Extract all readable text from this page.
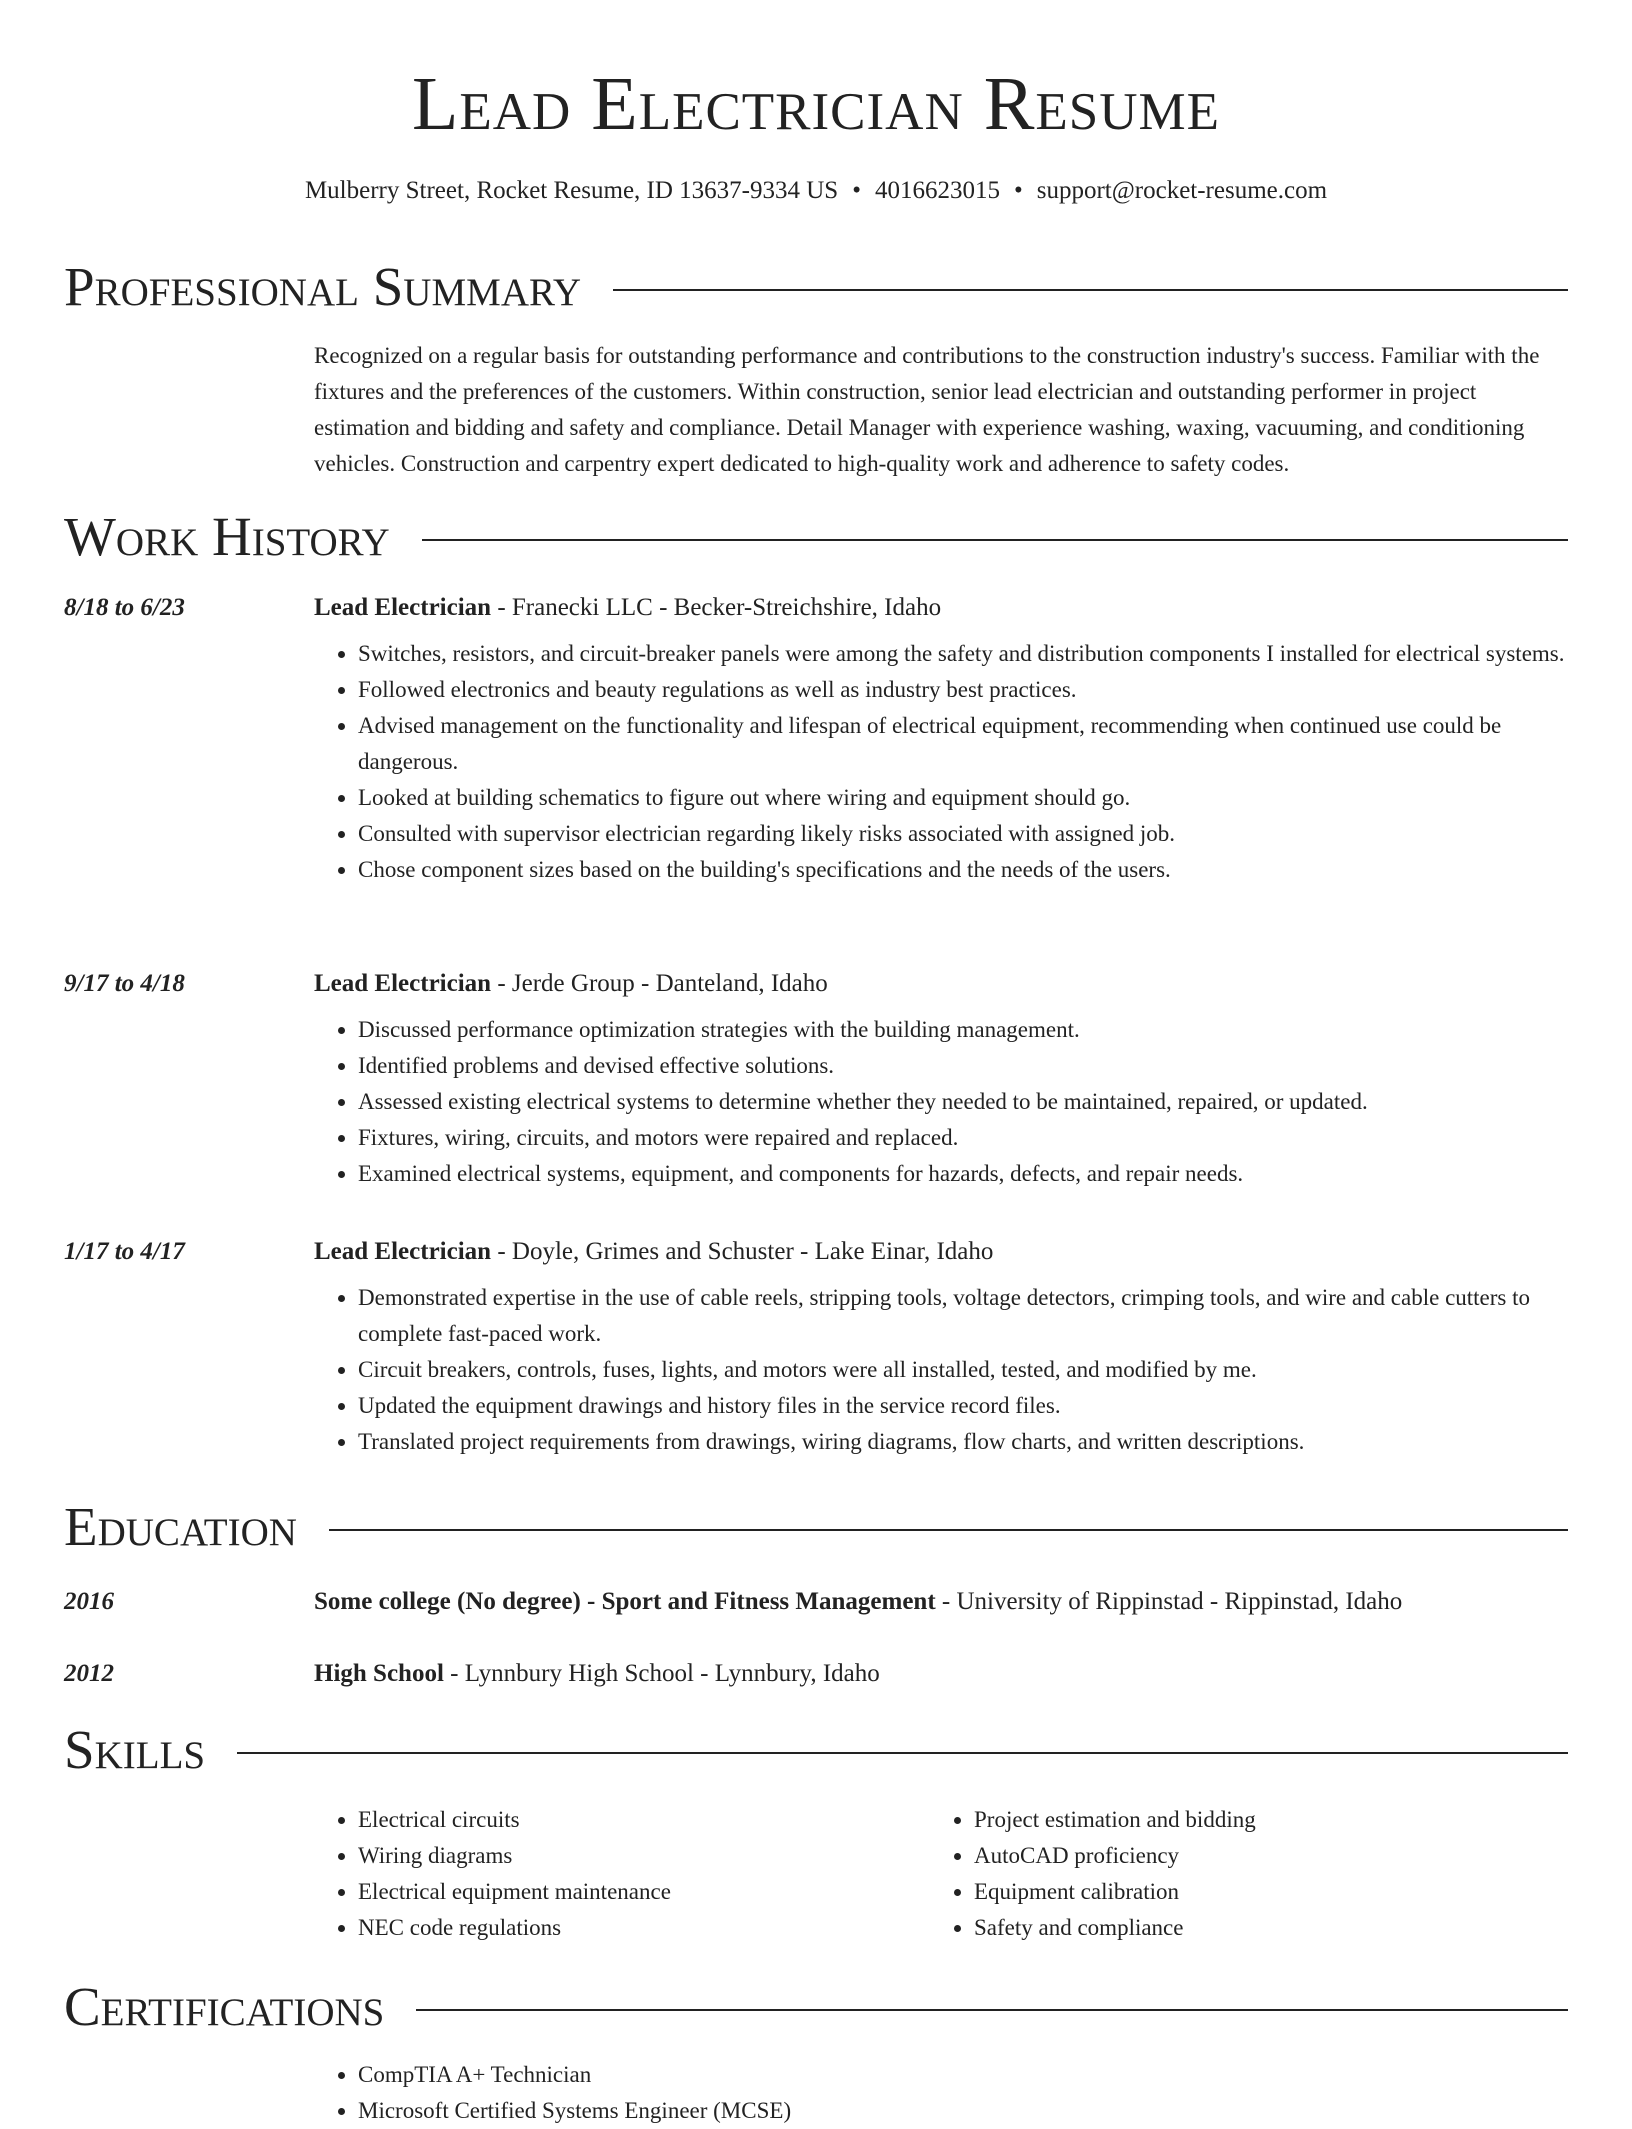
Lead Electrician Resume
Mulberry Street, Rocket Resume, ID 13637-9334 US • 4016623015 • support@rocket-resume.com
Professional Summary

Recognized on a regular basis for outstanding performance and contributions to the construction industry's success. Familiar with the fixtures and the preferences of the customers. Within construction, senior lead electrician and outstanding performer in project estimation and bidding and safety and compliance. Detail Manager with experience washing, waxing, vacuuming, and conditioning vehicles. Construction and carpentry expert dedicated to high-quality work and adherence to safety codes.

Work History
8/18 to 6/23	Lead Electrician - Franecki LLC - Becker-Streichshire, Idaho
• Switches, resistors, and circuit-breaker panels were among the safety and distribution components I installed for electrical systems.
• Followed electronics and beauty regulations as well as industry best practices.
• Advised management on the functionality and lifespan of electrical equipment, recommending when continued use could be dangerous.
• Looked at building schematics to figure out where wiring and equipment should go.
• Consulted with supervisor electrician regarding likely risks associated with assigned job.
• Chose component sizes based on the building's specifications and the needs of the users.
9/17 to 4/18	Lead Electrician - Jerde Group - Danteland, Idaho
• Discussed performance optimization strategies with the building management.
• Identified problems and devised effective solutions.
• Assessed existing electrical systems to determine whether they needed to be maintained, repaired, or updated.
• Fixtures, wiring, circuits, and motors were repaired and replaced.
• Examined electrical systems, equipment, and components for hazards, defects, and repair needs.
1/17 to 4/17	Lead Electrician - Doyle, Grimes and Schuster - Lake Einar, Idaho
• Demonstrated expertise in the use of cable reels, stripping tools, voltage detectors, crimping tools, and wire and cable cutters to complete fast-paced work.
• Circuit breakers, controls, fuses, lights, and motors were all installed, tested, and modified by me.
• Updated the equipment drawings and history files in the service record files.
• Translated project requirements from drawings, wiring diagrams, flow charts, and written descriptions.
Education
2016	Some college (No degree) - Sport and Fitness Management - University of Rippinstad - Rippinstad, Idaho
2012	High School - Lynnbury High School - Lynnbury, Idaho
Skills
• Electrical circuits
• Wiring diagrams
• Electrical equipment maintenance
• NEC code regulations
• Project estimation and bidding
• AutoCAD proficiency
• Equipment calibration
• Safety and compliance
Certifications
• CompTIA A+ Technician
• Microsoft Certified Systems Engineer (MCSE)
